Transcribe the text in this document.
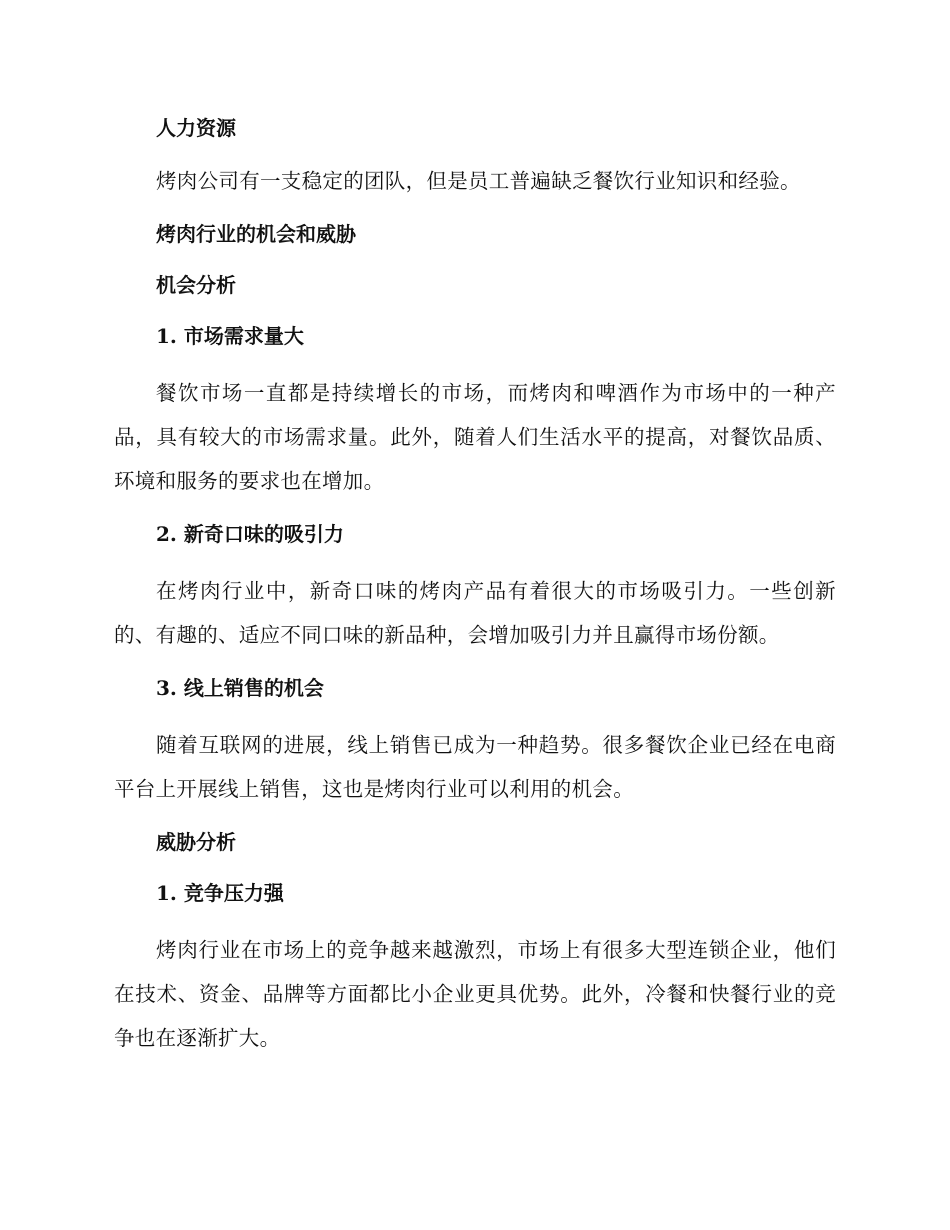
人力资源

烤肉公司有一支稳定的团队，但是员工普遍缺乏餐饮行业知识和经验。

烤肉行业的机会和威胁

机会分析

1. 市场需求量大

餐饮市场一直都是持续增长的市场，而烤肉和啤酒作为市场中的一种产品，具有较大的市场需求量。此外，随着人们生活水平的提高，对餐饮品质、环境和服务的要求也在增加。

2. 新奇口味的吸引力

在烤肉行业中，新奇口味的烤肉产品有着很大的市场吸引力。一些创新的、有趣的、适应不同口味的新品种，会增加吸引力并且赢得市场份额。

3. 线上销售的机会

随着互联网的进展，线上销售已成为一种趋势。很多餐饮企业已经在电商平台上开展线上销售，这也是烤肉行业可以利用的机会。

威胁分析

1. 竞争压力强

烤肉行业在市场上的竞争越来越激烈，市场上有很多大型连锁企业，他们在技术、资金、品牌等方面都比小企业更具优势。此外，冷餐和快餐行业的竞争也在逐渐扩大。
